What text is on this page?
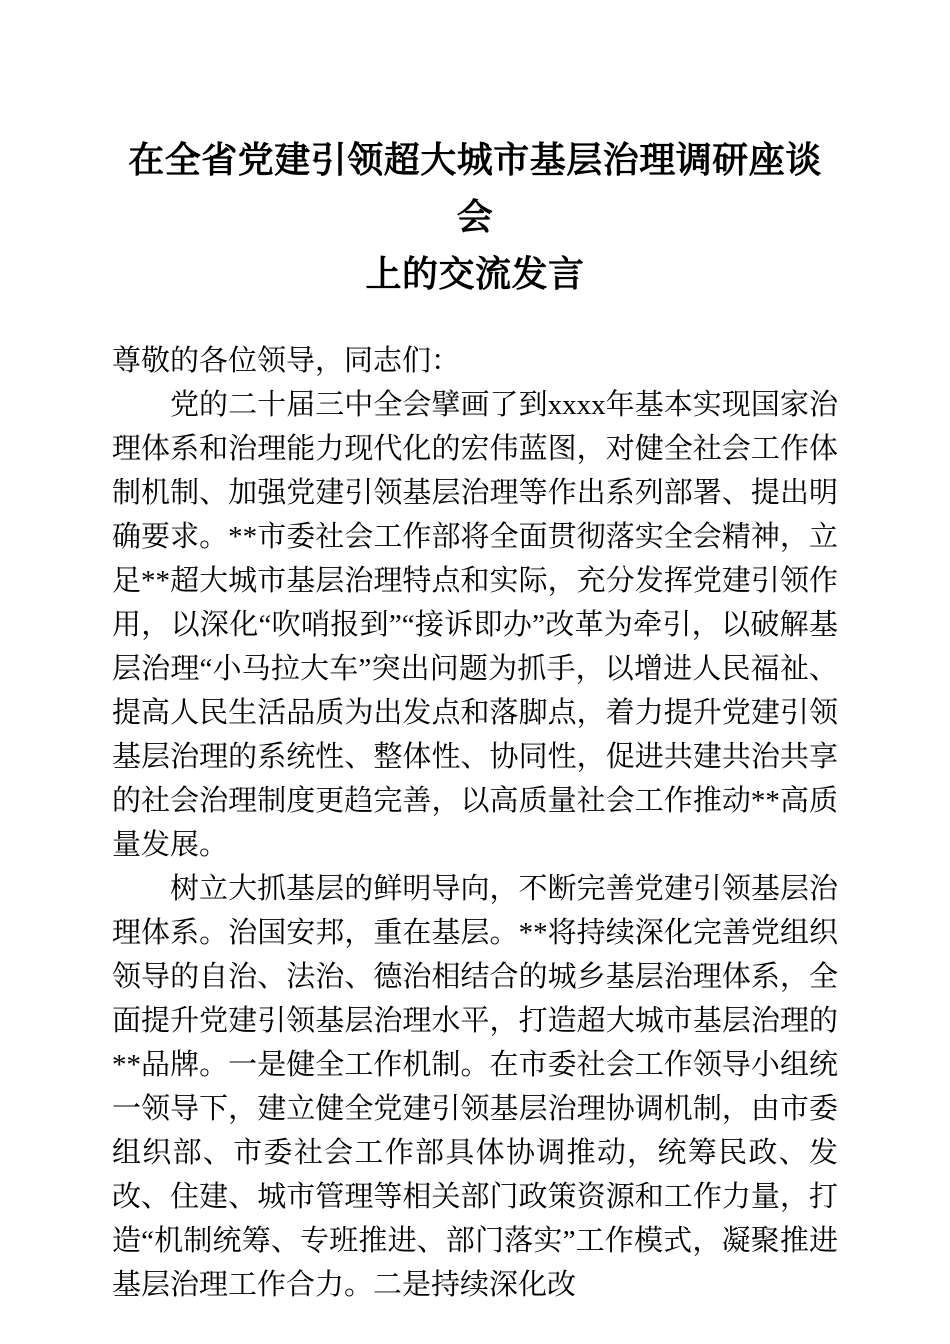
在全省党建引领超大城市基层治理调研座谈会
上的交流发言

尊敬的各位领导，同志们：

党的二十届三中全会擘画了到xxxx年基本实现国家治理体系和治理能力现代化的宏伟蓝图，对健全社会工作体制机制、加强党建引领基层治理等作出系列部署、提出明确要求。**市委社会工作部将全面贯彻落实全会精神，立足**超大城市基层治理特点和实际，充分发挥党建引领作用，以深化“吹哨报到”“接诉即办”改革为牵引，以破解基层治理“小马拉大车”突出问题为抓手，以增进人民福祉、提高人民生活品质为出发点和落脚点，着力提升党建引领基层治理的系统性、整体性、协同性，促进共建共治共享的社会治理制度更趋完善，以高质量社会工作推动**高质量发展。

树立大抓基层的鲜明导向，不断完善党建引领基层治理体系。治国安邦，重在基层。**将持续深化完善党组织领导的自治、法治、德治相结合的城乡基层治理体系，全面提升党建引领基层治理水平，打造超大城市基层治理的**品牌。一是健全工作机制。在市委社会工作领导小组统一领导下，建立健全党建引领基层治理协调机制，由市委组织部、市委社会工作部具体协调推动，统筹民政、发改、住建、城市管理等相关部门政策资源和工作力量，打造“机制统筹、专班推进、部门落实”工作模式，凝聚推进基层治理工作合力。二是持续深化改
